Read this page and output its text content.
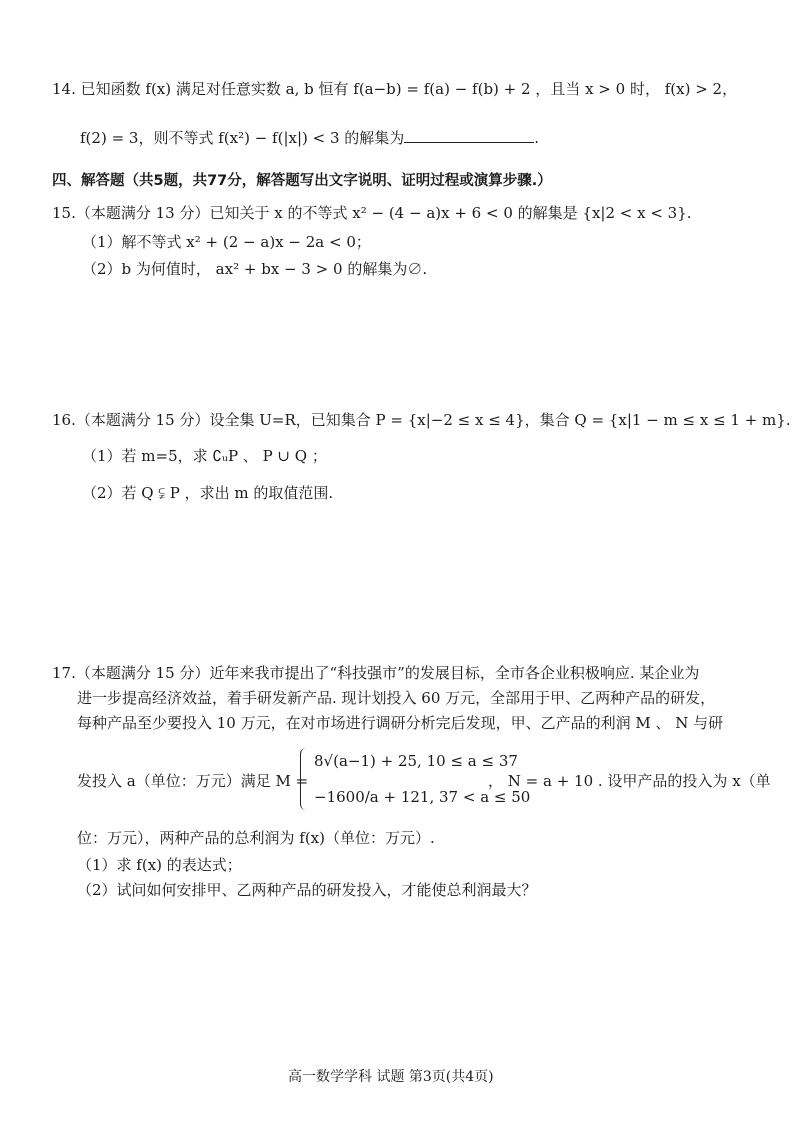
14. 已知函数 f(x) 满足对任意实数 a, b 恒有 f(a−b) = f(a) − f(b) + 2 ，且当 x > 0 时， f(x) > 2，
f(2) = 3，则不等式 f(x²) − f(|x|) < 3 的解集为	.
四、解答题（共5题，共77分，解答题写出文字说明、证明过程或演算步骤.）
15.（本题满分 13 分）已知关于 x 的不等式 x² − (4 − a)x + 6 < 0 的解集是 {x|2 < x < 3}.
（1）解不等式 x² + (2 − a)x − 2a < 0；
（2）b 为何值时， ax² + bx − 3 > 0 的解集为∅.
16.（本题满分 15 分）设全集 U=R，已知集合 P = {x|−2 ≤ x ≤ 4}，集合 Q = {x|1 − m ≤ x ≤ 1 + m}.
（1）若 m=5，求 ∁ᵤP 、 P ∪ Q ；
（2）若 Q ⫋ P ，求出 m 的取值范围.
17.（本题满分 15 分）近年来我市提出了“科技强市”的发展目标，全市各企业积极响应. 某企业为
进一步提高经济效益，着手研发新产品. 现计划投入 60 万元，全部用于甲、乙两种产品的研发，
每种产品至少要投入 10 万元，在对市场进行调研分析完后发现，甲、乙产品的利润 M 、 N 与研
发投入 a（单位：万元）满足 M =
8√(a−1) + 25, 10 ≤ a ≤ 37
−1600/a + 121, 37 < a ≤ 50
， N = a + 10 . 设甲产品的投入为 x（单
位：万元），两种产品的总利润为 f(x)（单位：万元）.
（1）求 f(x) 的表达式；
（2）试问如何安排甲、乙两种产品的研发投入，才能使总利润最大？
高一数学学科 试题 第3页(共4页)
